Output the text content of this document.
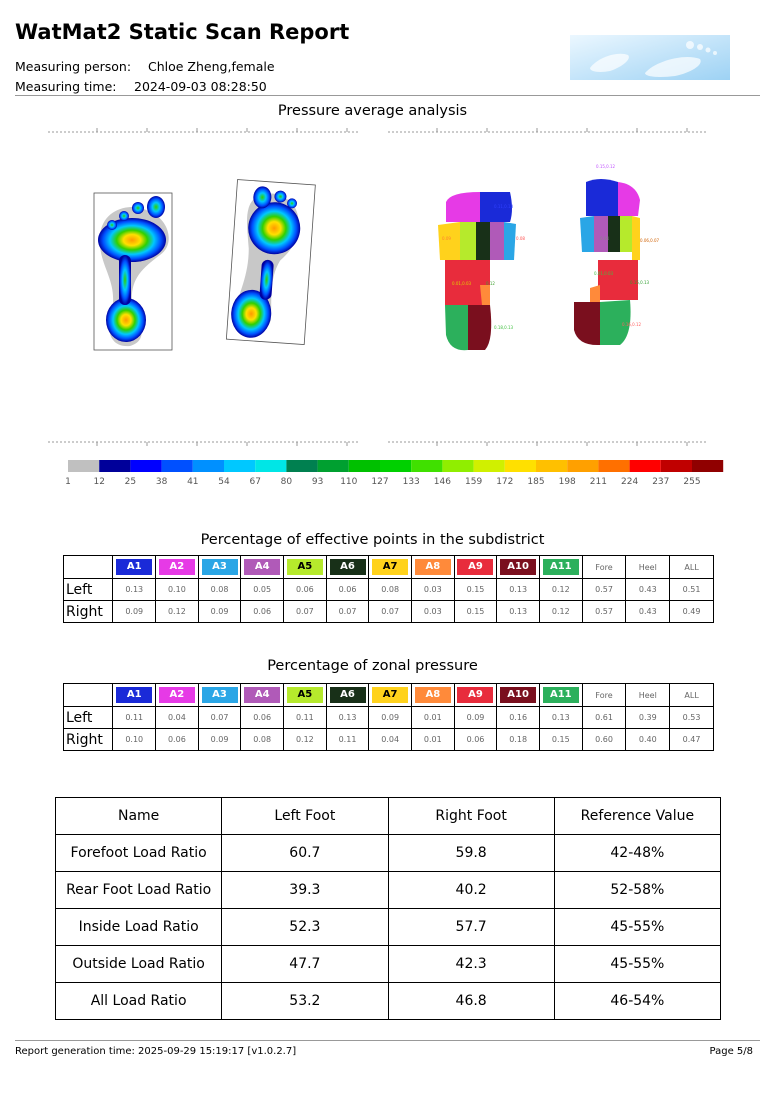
WatMat2 Static Scan Report
Measuring person: Chloe Zheng,female
Measuring time: 2024-09-03 08:28:50
Pressure average analysis
0.11,0.13
0.08
0.09
0.12
0.01,0.03
0.18,0.13
0.15,0.12
0.06,0.07
0.04
0.01,0.03
0.16,0.12
0.15,0.13
1	12 25 38 41 54 67 80 93 110 127 133 146 159 172 185 198 211 224 237 255
Percentage of effective points in the subdistrict
	A1	A2	A3	A4	A5	A6	A7	A8	A9	A10	A11	Fore	Heel	ALL
Left	0.13	0.10	0.08	0.05	0.06	0.06	0.08	0.03	0.15	0.13	0.12	0.57	0.43	0.51
Right	0.09	0.12	0.09	0.06	0.07	0.07	0.07	0.03	0.15	0.13	0.12	0.57	0.43	0.49
Percentage of zonal pressure
	A1	A2	A3	A4	A5	A6	A7	A8	A9	A10	A11	Fore	Heel	ALL
Left	0.11	0.04	0.07	0.06	0.11	0.13	0.09	0.01	0.09	0.16	0.13	0.61	0.39	0.53
Right	0.10	0.06	0.09	0.08	0.12	0.11	0.04	0.01	0.06	0.18	0.15	0.60	0.40	0.47
Name	Left Foot	Right Foot	Reference Value
Forefoot Load Ratio	60.7	59.8	42-48%
Rear Foot Load Ratio	39.3	40.2	52-58%
Inside Load Ratio	52.3	57.7	45-55%
Outside Load Ratio	47.7	42.3	45-55%
All Load Ratio	53.2	46.8	46-54%
Report generation time: 2025-09-29 15:19:17 [v1.0.2.7]	Page 5/8
